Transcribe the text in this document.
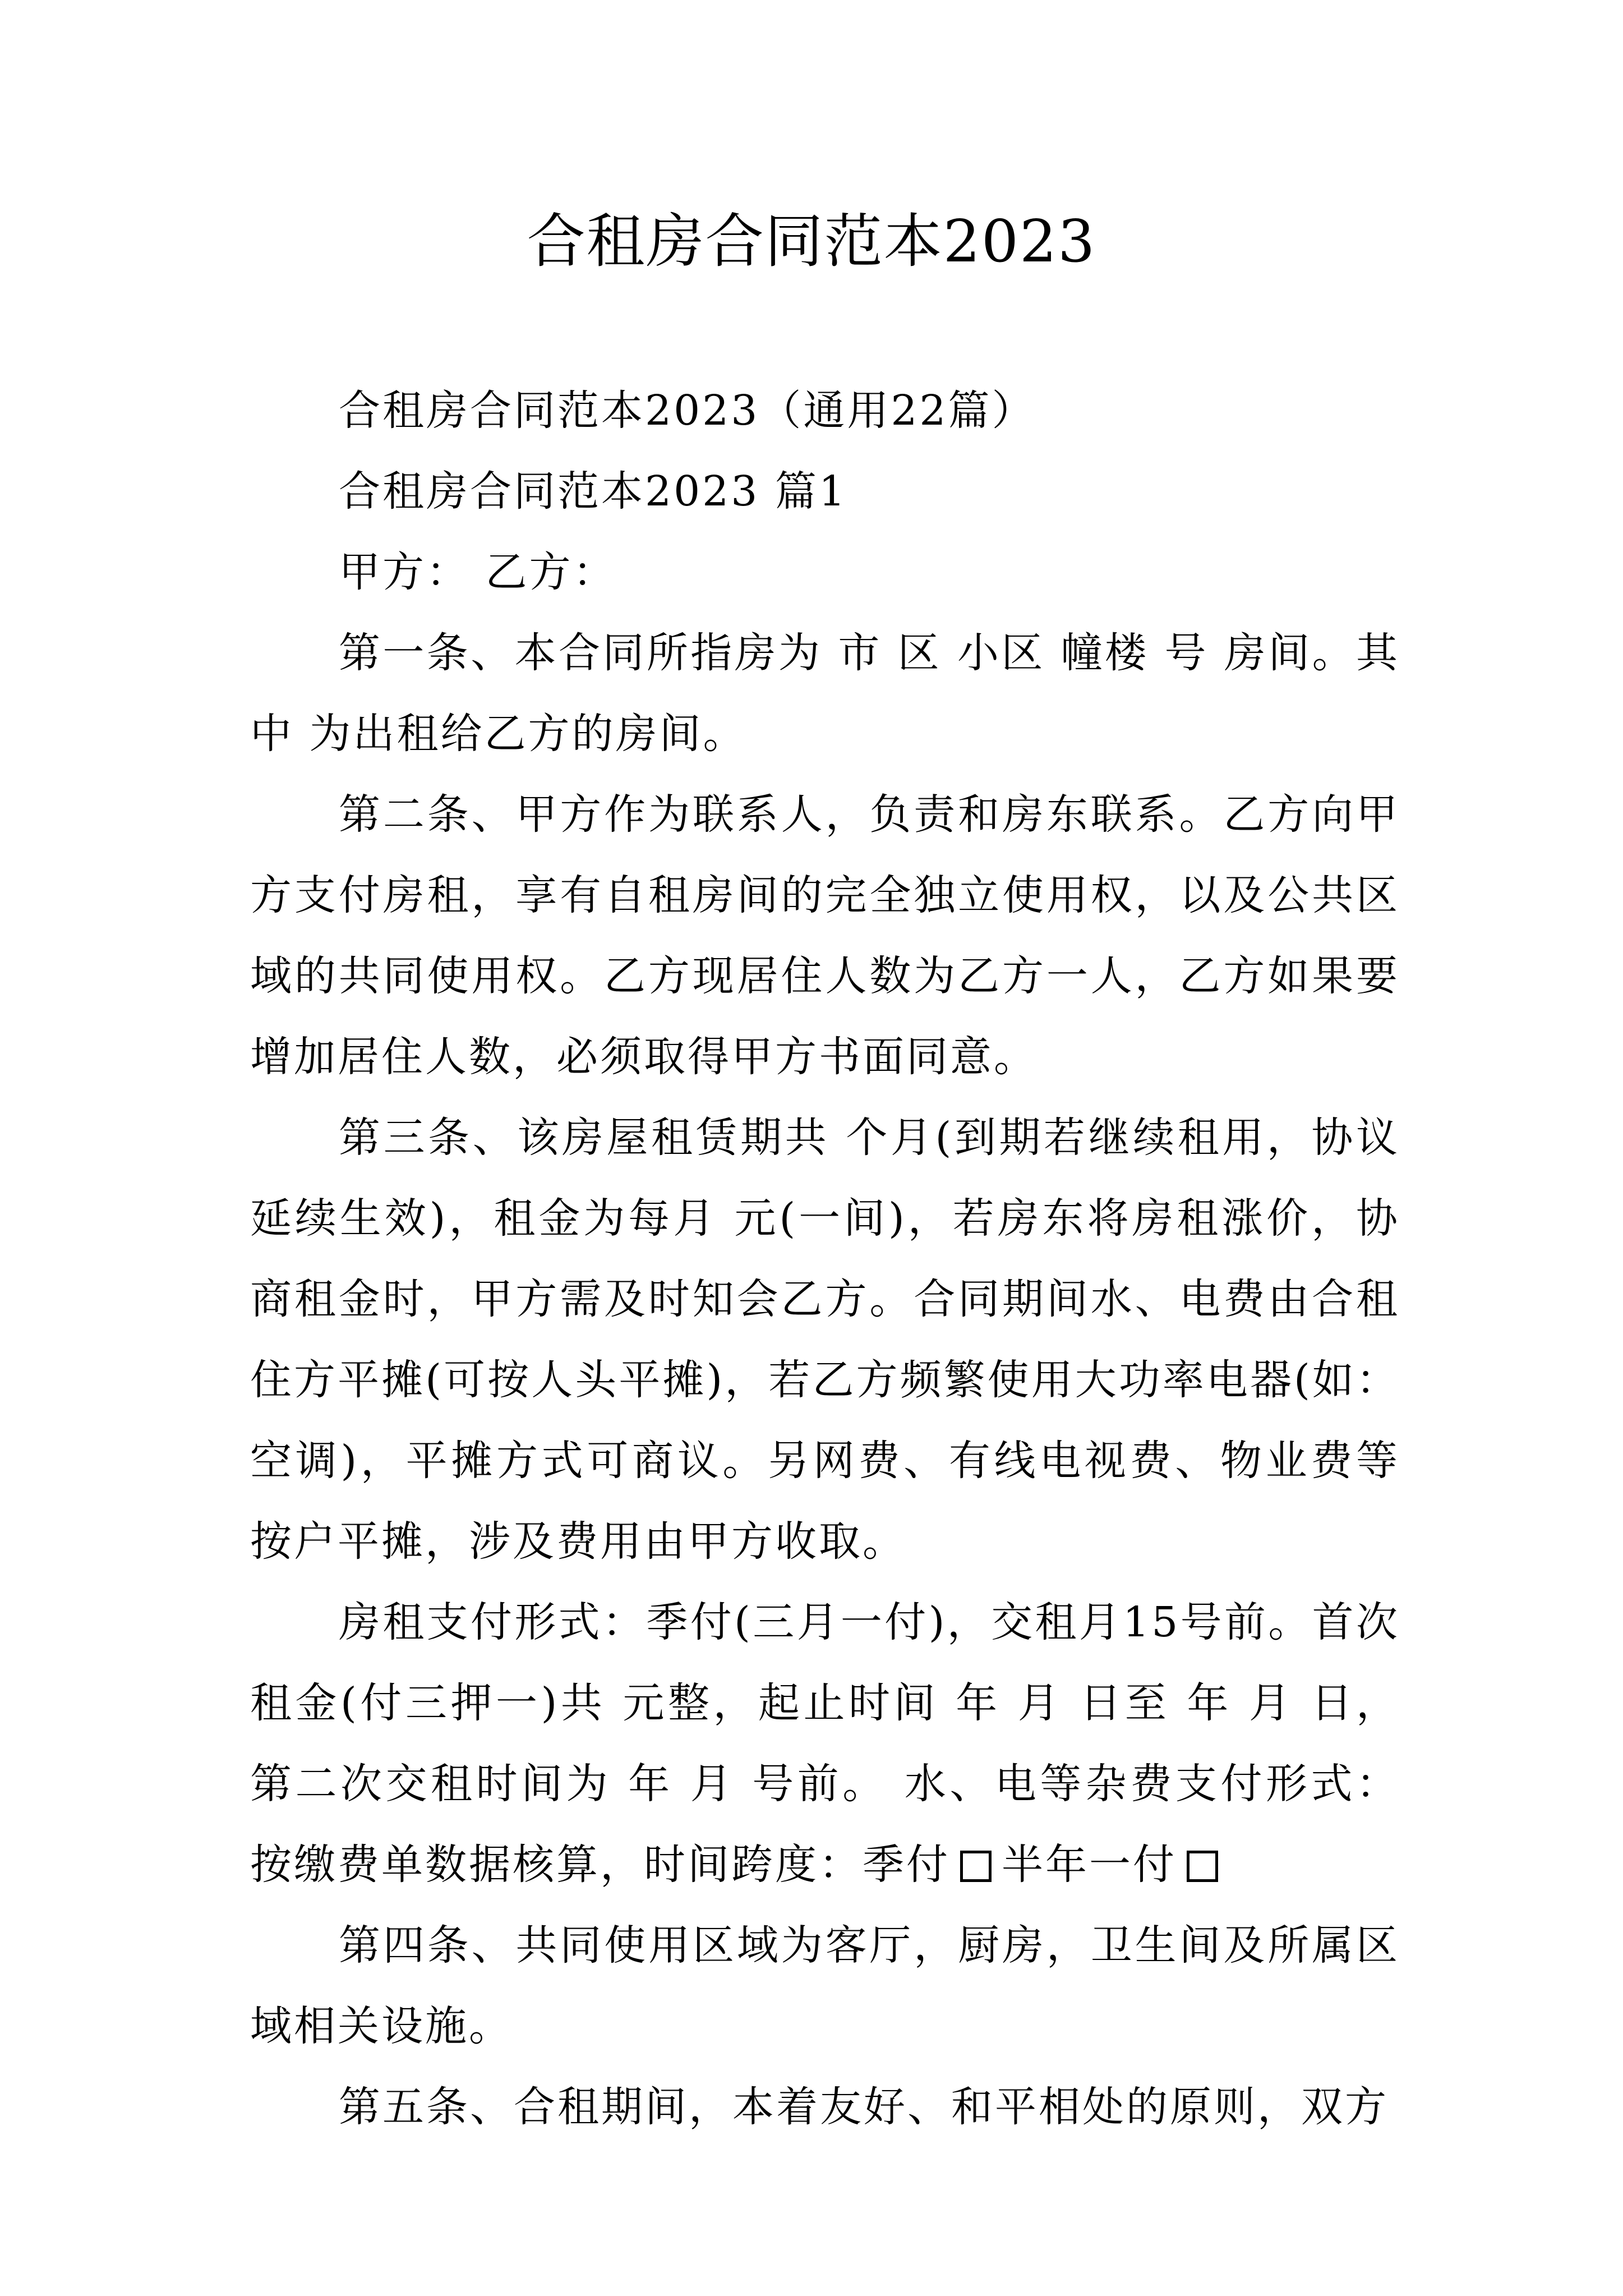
合租房合同范本2023

合租房合同范本2023（通用22篇）

合租房合同范本2023 篇1

甲方： 乙方：

第一条、本合同所指房为 市 区 小区 幢楼 号 房间。其中 为出租给乙方的房间。

第二条、甲方作为联系人，负责和房东联系。乙方向甲方支付房租，享有自租房间的完全独立使用权，以及公共区域的共同使用权。乙方现居住人数为乙方一人，乙方如果要增加居住人数，必须取得甲方书面同意。

第三条、该房屋租赁期共 个月(到期若继续租用，协议延续生效)，租金为每月 元(一间)，若房东将房租涨价，协商租金时，甲方需及时知会乙方。合同期间水、电费由合租住方平摊(可按人头平摊)，若乙方频繁使用大功率电器(如：空调)，平摊方式可商议。另网费、有线电视费、物业费等按户平摊，涉及费用由甲方收取。

房租支付形式：季付(三月一付)，交租月15号前。首次租金(付三押一)共 元整，起止时间 年 月 日至 年 月 日，第二次交租时间为 年 月 号前。 水、电等杂费支付形式：按缴费单数据核算，时间跨度：季付 半年一付

第四条、共同使用区域为客厅，厨房，卫生间及所属区域相关设施。

第五条、合租期间，本着友好、和平相处的原则，双方
